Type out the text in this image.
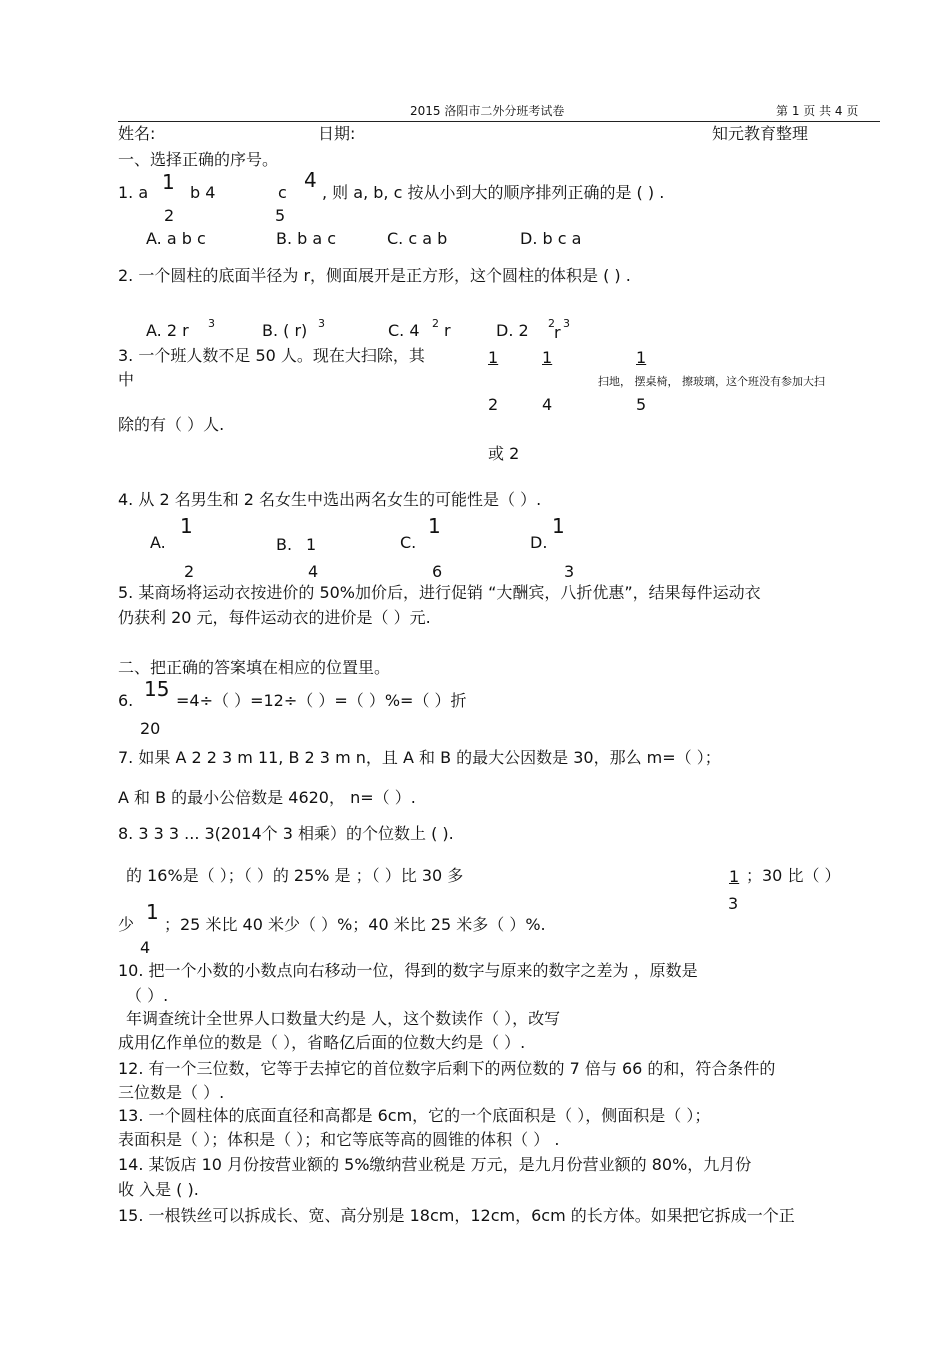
2015 洛阳市二外分班考试卷	第 1 页 共 4 页
姓名:	日期:	知元教育整理
一、选择正确的序号。
1. a 1
2
b 4	c
4
5
, 则 a, b, c 按从小到大的顺序排列正确的是 ( ) .
A. a b c	B. b a c	C. c a b	D. b c a
2. 一个圆柱的底面半径为 r，侧面展开是正方形，这个圆柱的体积是 ( ) .
A. 2 r 3	B. ( r) 3	C. 4 2 r	D. 2 2 r 3
3. 一个班人数不足 50 人。现在大扫除，其
中
1
2
1
4
1
5
扫地， 摆桌椅， 擦玻璃，这个班没有参加大扫
除的有（ ）人.
或 2
4. 从 2 名男生和 2 名女生中选出两名女生的可能性是（ ）.
A.
1
2
B. 1
4
C.
1
6
D.
1
3
5. 某商场将运动衣按进价的 50%加价后，进行促销 “大酬宾，八折优惠”，结果每件运动衣
仍获利 20 元，每件运动衣的进价是（ ）元.
二、把正确的答案填在相应的位置里。
6. 15
20
=4÷（ ）=12÷（ ）=（ ）%=（ ）折
7. 如果 A 2 2 3 m 11, B 2 3 m n，且 A 和 B 的最大公因数是 30，那么 m=（ ）；
A 和 B 的最小公倍数是 4620， n=（ ）.
8. 3 3 3 ... 3(2014个 3 相乘）的个位数上 ( ).
的 16%是（ ）；（ ）的 25% 是 ；（ ）比 30 多	1
3
；30 比（ ）
少
1
4
；25 米比 40 米少（ ）%；40 米比 25 米多（ ）%.
10. 把一个小数的小数点向右移动一位，得到的数字与原来的数字之差为 ，原数是
（ ）.
年调查统计全世界人口数量大约是 人，这个数读作（ ），改写
成用亿作单位的数是（ ），省略亿后面的位数大约是（ ）.
12. 有一个三位数，它等于去掉它的首位数字后剩下的两位数的 7 倍与 66 的和，符合条件的
三位数是（ ）.
13. 一个圆柱体的底面直径和高都是 6cm，它的一个底面积是（ ），侧面积是（ ）；
表面积是（ ）；体积是（ ）；和它等底等高的圆锥的体积（ ） .
14. 某饭店 10 月份按营业额的 5%缴纳营业税是 万元，是九月份营业额的 80%，九月份
收 入是 ( ).
15. 一根铁丝可以拆成长、宽、高分别是 18cm，12cm，6cm 的长方体。如果把它拆成一个正
